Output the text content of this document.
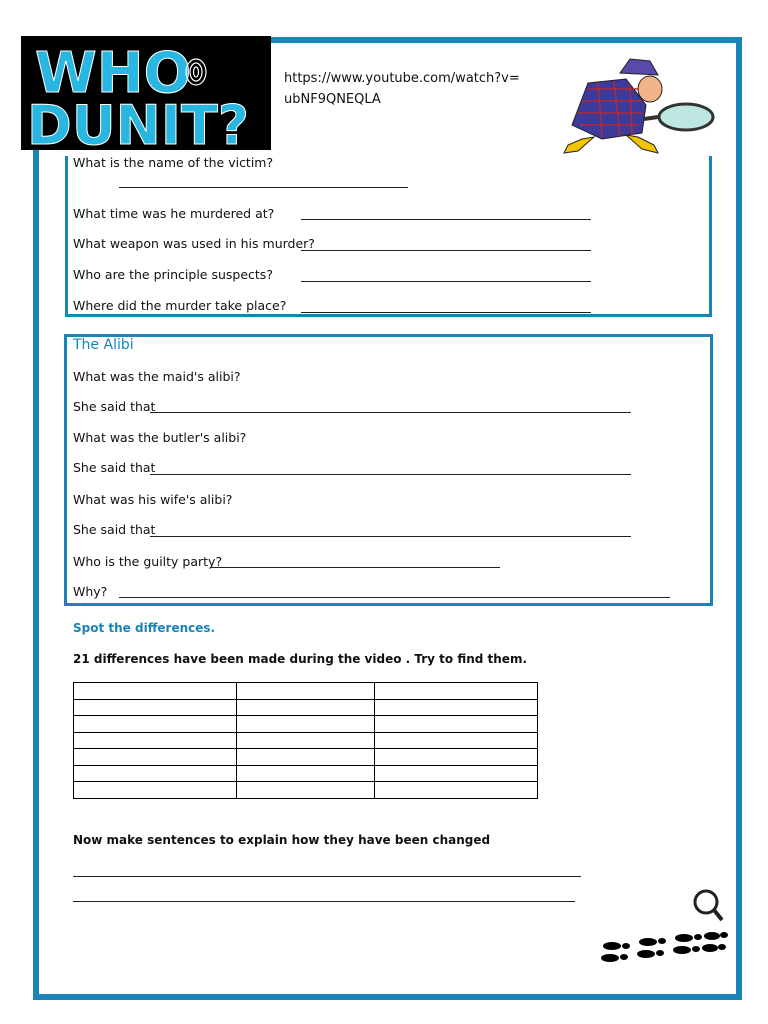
WHO
DUNIT?
https://www.youtube.com/watch?v=ubNF9QNEQLA
What is the name of the victim?
What time was he murdered at?
What weapon was used in his murder?
Who are the principle suspects?
Where did the murder take place?
The Alibi
What was the maid's alibi?
She said that
What was the butler's alibi?
She said that
What was his wife's alibi?
She said that
Who is the guilty party?
Why?
Spot the differences.
21 differences have been made during the video . Try to find them.

Now make sentences to explain how they have been changed
